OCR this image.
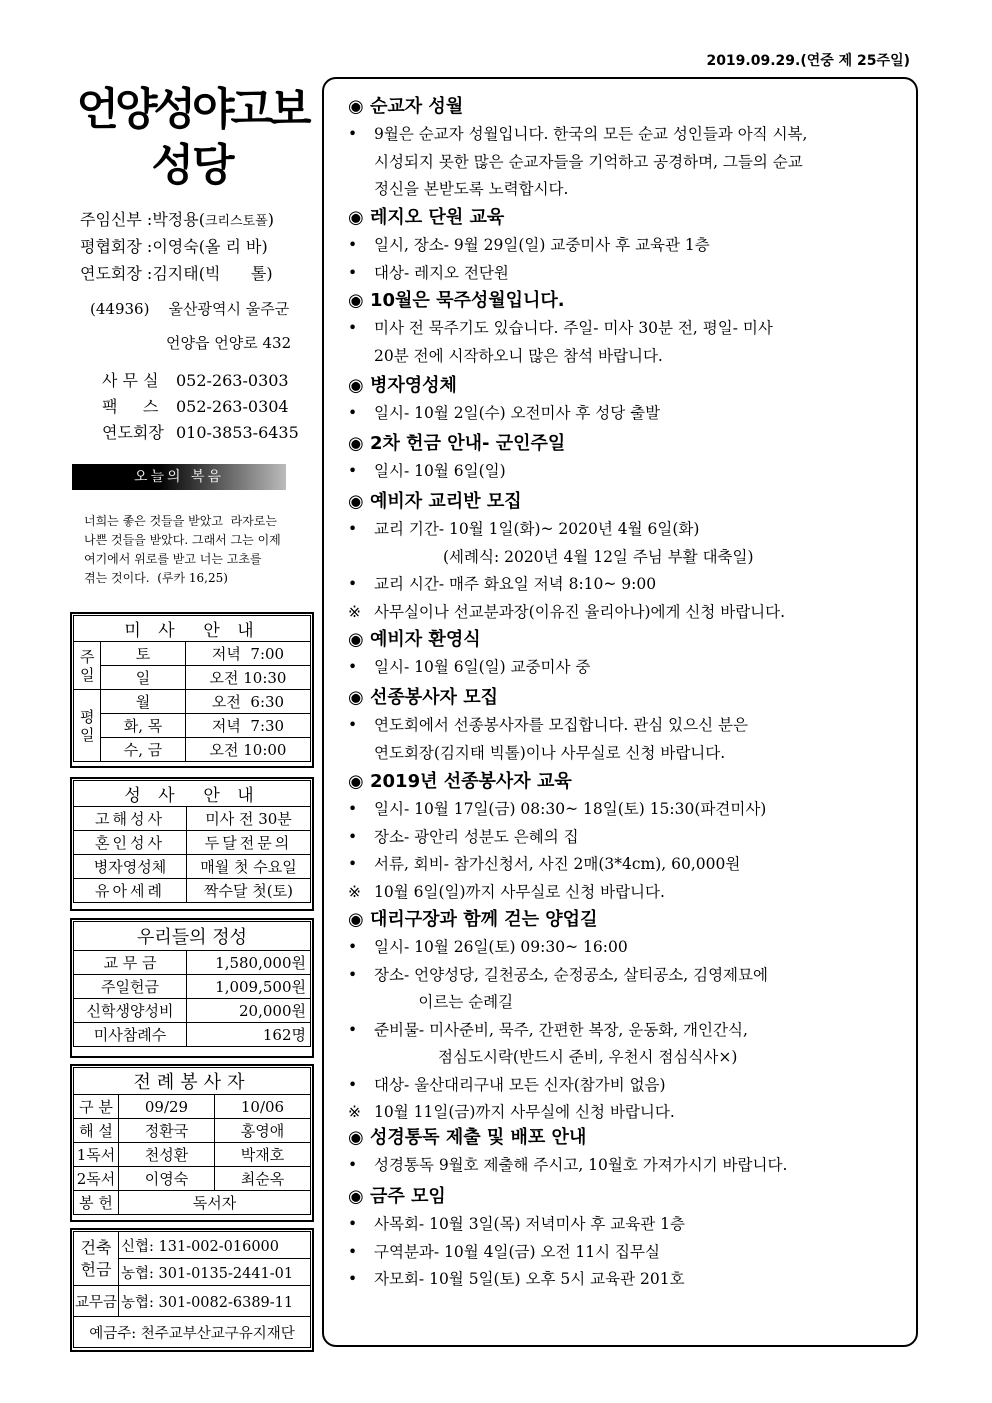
2019.09.29.(연중 제 25주일)
언양성야고보
성당
주임신부 :박정용(크리스토폴)
평협회장 :이영숙(올 리 바)
연도회장 :김지태(빅      톨)
(44936) 울산광역시 울주군
언양읍 언양로 432
사 무 실 052-263-0303
팩     스 052-263-0304
연도회장 010-3853-6435
오늘의 복음
너희는 좋은 것들을 받았고  라자로는
나쁜 것들을 받았다. 그래서 그는 이제
여기에서 위로를 받고 너는 고초를
겪는 것이다.  (루카 16,25)
미 사  안 내		
주일	토	저녁  7:00
	일	오전 10:30
평일	월	오전  6:30
	화, 목	저녁  7:30
	수, 금	오전 10:00
성 사  안 내	
고해성사	미사 전 30분
혼인성사	두달전문의
병자영성체	매월 첫 수요일
유아세례	짝수달 첫(토)
우리들의 정성	
교 무 금	1,580,000원
주일헌금	1,009,500원
신학생양성비	20,000원
미사참례수	162명
전례봉사자		
구 분	09/29	10/06
해 설	정환국	홍영애
1독서	천성환	박재호
2독서	이영숙	최순옥
봉 헌	독서자	
건축 헌금	신협: 131-002-016000
	농협: 301-0135-2441-01
교무금	농협: 301-0082-6389-11
예금주: 천주교부산교구유지재단	
◉ 순교자 성월
• 9월은 순교자 성월입니다. 한국의 모든 순교 성인들과 아직 시복,
시성되지 못한 많은 순교자들을 기억하고 공경하며, 그들의 순교
정신을 본받도록 노력합시다.
◉ 레지오 단원 교육
• 일시, 장소- 9월 29일(일) 교중미사 후 교육관 1층
• 대상- 레지오 전단원
◉ 10월은 묵주성월입니다.
• 미사 전 묵주기도 있습니다. 주일- 미사 30분 전, 평일- 미사
20분 전에 시작하오니 많은 참석 바랍니다.
◉ 병자영성체
• 일시- 10월 2일(수) 오전미사 후 성당 출발
◉ 2차 헌금 안내- 군인주일
• 일시- 10월 6일(일)
◉ 예비자 교리반 모집
• 교리 기간- 10월 1일(화)~ 2020년 4월 6일(화)
(세례식: 2020년 4월 12일 주님 부활 대축일)
• 교리 시간- 매주 화요일 저녁 8:10~ 9:00
※ 사무실이나 선교분과장(이유진 율리아나)에게 신청 바랍니다.
◉ 예비자 환영식
• 일시- 10월 6일(일) 교중미사 중
◉ 선종봉사자 모집
• 연도회에서 선종봉사자를 모집합니다. 관심 있으신 분은
연도회장(김지태 빅톨)이나 사무실로 신청 바랍니다.
◉ 2019년 선종봉사자 교육
• 일시- 10월 17일(금) 08:30~ 18일(토) 15:30(파견미사)
• 장소- 광안리 성분도 은혜의 집
• 서류, 회비- 참가신청서, 사진 2매(3*4cm), 60,000원
※ 10월 6일(일)까지 사무실로 신청 바랍니다.
◉ 대리구장과 함께 걷는 양업길
• 일시- 10월 26일(토) 09:30~ 16:00
• 장소- 언양성당, 길천공소, 순정공소, 살티공소, 김영제묘에
이르는 순례길
• 준비물- 미사준비, 묵주, 간편한 복장, 운동화, 개인간식,
점심도시락(반드시 준비, 우천시 점심식사×)
• 대상- 울산대리구내 모든 신자(참가비 없음)
※ 10월 11일(금)까지 사무실에 신청 바랍니다.
◉ 성경통독 제출 및 배포 안내
• 성경통독 9월호 제출해 주시고, 10월호 가져가시기 바랍니다.
◉ 금주 모임
• 사목회- 10월 3일(목) 저녁미사 후 교육관 1층
• 구역분과- 10월 4일(금) 오전 11시 집무실
• 자모회- 10월 5일(토) 오후 5시 교육관 201호
